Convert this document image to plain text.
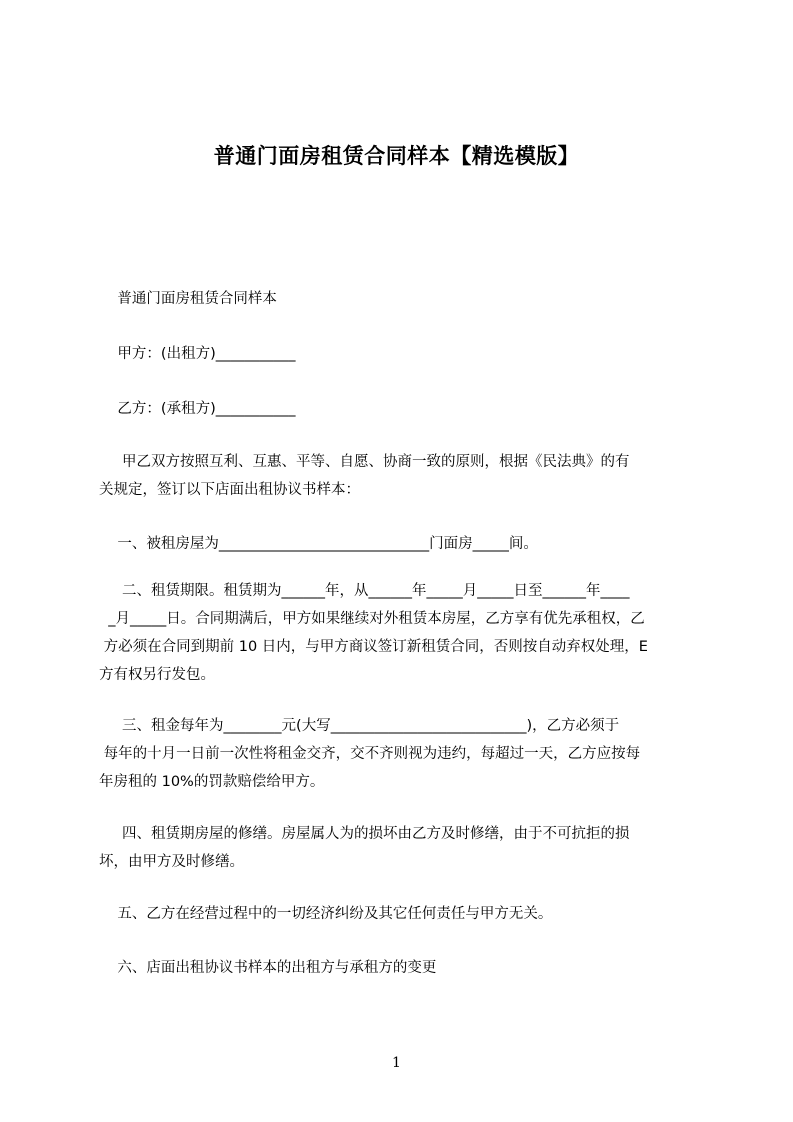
普通门面房租赁合同样本【精选模版】

普通门面房租赁合同样本

甲方：(出租方)___________

乙方：(承租方)___________

甲乙双方按照互利、互惠、平等、自愿、协商一致的原则，根据《民法典》的有

关规定，签订以下店面出租协议书样本：

一、被租房屋为_____________________________门面房_____间。

二、租赁期限。租赁期为______年，从______年_____月_____日至______年____

_月_____日。合同期满后，甲方如果继续对外租赁本房屋，乙方享有优先承租权，乙

方必须在合同到期前 10 日内，与甲方商议签订新租赁合同，否则按自动弃权处理，E

方有权另行发包。

三、租金每年为________元(大写___________________________)，乙方必须于

每年的十月一日前一次性将租金交齐，交不齐则视为违约，每超过一天，乙方应按每

年房租的 10%的罚款赔偿给甲方。

四、租赁期房屋的修缮。房屋属人为的损坏由乙方及时修缮，由于不可抗拒的损

坏，由甲方及时修缮。

五、乙方在经营过程中的一切经济纠纷及其它任何责任与甲方无关。

六、店面出租协议书样本的出租方与承租方的变更

1
